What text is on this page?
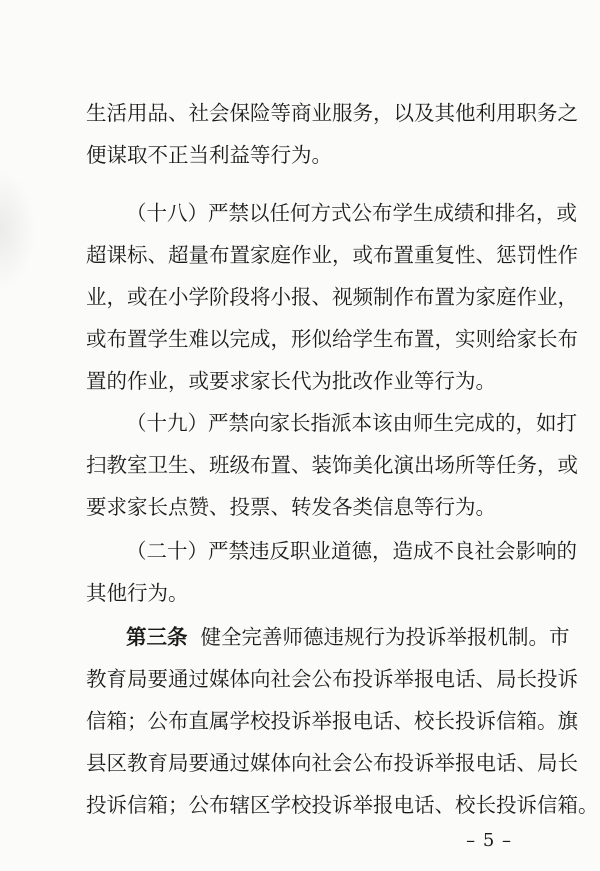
生活用品、社会保险等商业服务，以及其他利用职务之
便谋取不正当利益等行为。
（十八）严禁以任何方式公布学生成绩和排名，或
超课标、超量布置家庭作业，或布置重复性、惩罚性作
业，或在小学阶段将小报、视频制作布置为家庭作业，
或布置学生难以完成，形似给学生布置，实则给家长布
置的作业，或要求家长代为批改作业等行为。
（十九）严禁向家长指派本该由师生完成的，如打
扫教室卫生、班级布置、装饰美化演出场所等任务，或
要求家长点赞、投票、转发各类信息等行为。
（二十）严禁违反职业道德，造成不良社会影响的
其他行为。
第三条 健全完善师德违规行为投诉举报机制。市
教育局要通过媒体向社会公布投诉举报电话、局长投诉
信箱；公布直属学校投诉举报电话、校长投诉信箱。旗
县区教育局要通过媒体向社会公布投诉举报电话、局长
投诉信箱；公布辖区学校投诉举报电话、校长投诉信箱。
– 5 –
